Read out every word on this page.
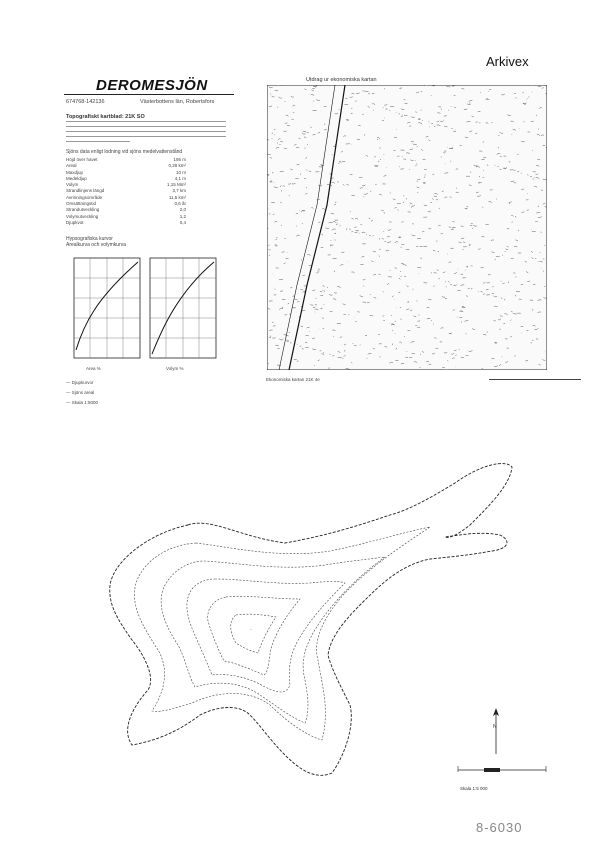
Arkivex
DEROMESJÖN
674768-142136	Västerbottens län, Robertsfors
Topografiskt kartblad: 21K SO
Sjöns data enligt lodning vid sjöns medelvattenstånd
Höjd över havet	195 m
Areal	0,28 km²
Maxdjup	10 m
Medeldjup	4,1 m
Volym	1,15 Mm³
Strandlinjens längd	3,7 km
Avrinningsområde	11,5 km²
Omsättningstid	0,6 år
Strandutveckling	2,0
Volymutveckling	1,2
Djupkvot	0,4
Hypsografiska kurvor
Arealkurva och volymkurva
Area %	Volym %
— Djupkurvor
— Sjöns areal
— Skala 1:5000
Utdrag ur ekonomiska kartan
Ekonomiska kartan 21K 4e
·
N
Skala 1:5 000
8-6030
